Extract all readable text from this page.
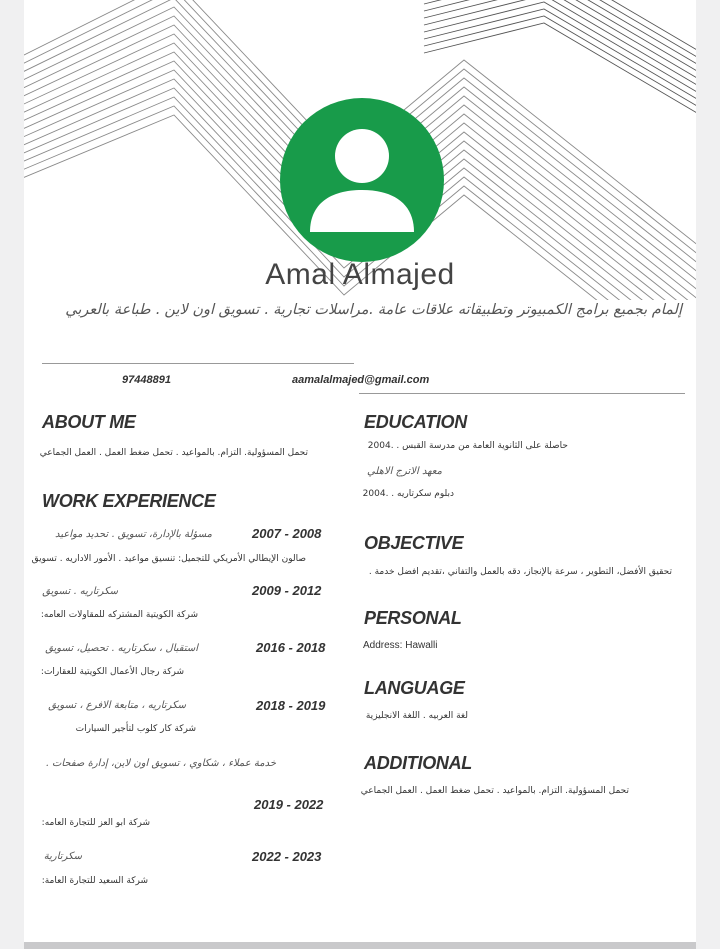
Amal Almajed
إلمام بجميع برامج الكمبيوتر وتطبيقاته علاقات عامة .مراسلات تجارية . تسويق اون لاين . طباعة بالعربي
97448891	aamalalmajed@gmail.com
ABOUT ME
تحمل المسؤولية. التزام. بالمواعيد . تحمل ضغط العمل . العمل الجماعي
WORK EXPERIENCE
2007 - 2008
مسؤلة بالإدارة، تسويق . تحديد مواعيد
صالون الإيطالي الأمريكي للتجميل: تنسيق مواعيد . الأمور الاداريه . تسويق
2009 - 2012
سكرتاريه . تسويق
شركة الكويتية المشتركه للمقاولات العامه:
2016 - 2018
استقبال ، سكرتاريه . تحصيل، تسويق
شركة رجال الأعمال الكويتية للعقارات:
2018 - 2019
سكرتاريه ، متابعة الافرع ، تسويق
شركة كار كلوب لتأجير السيارات
خدمة عملاء ، شكاوي ، تسويق اون لاين، إدارة صفحات .
2019 - 2022
شركة ابو العز للتجارة العامه:
2022 - 2023
سكرتارية
شركة السعيد للتجارة العامة:
EDUCATION
حاصلة على الثانوية العامة من مدرسة القبس . .2004
معهد الاترج الاهلي
دبلوم سكرتاريه . .2004
OBJECTIVE
تحقيق الأفضل، التطوير ، سرعة بالإنجاز، دقه بالعمل والتفاني ،تقديم افضل خدمة .
PERSONAL
Address: Hawalli
LANGUAGE
لغة العربيه . اللغة الانجليزية
ADDITIONAL
تحمل المسؤولية. التزام. بالمواعيد . تحمل ضغط العمل . العمل الجماعي
